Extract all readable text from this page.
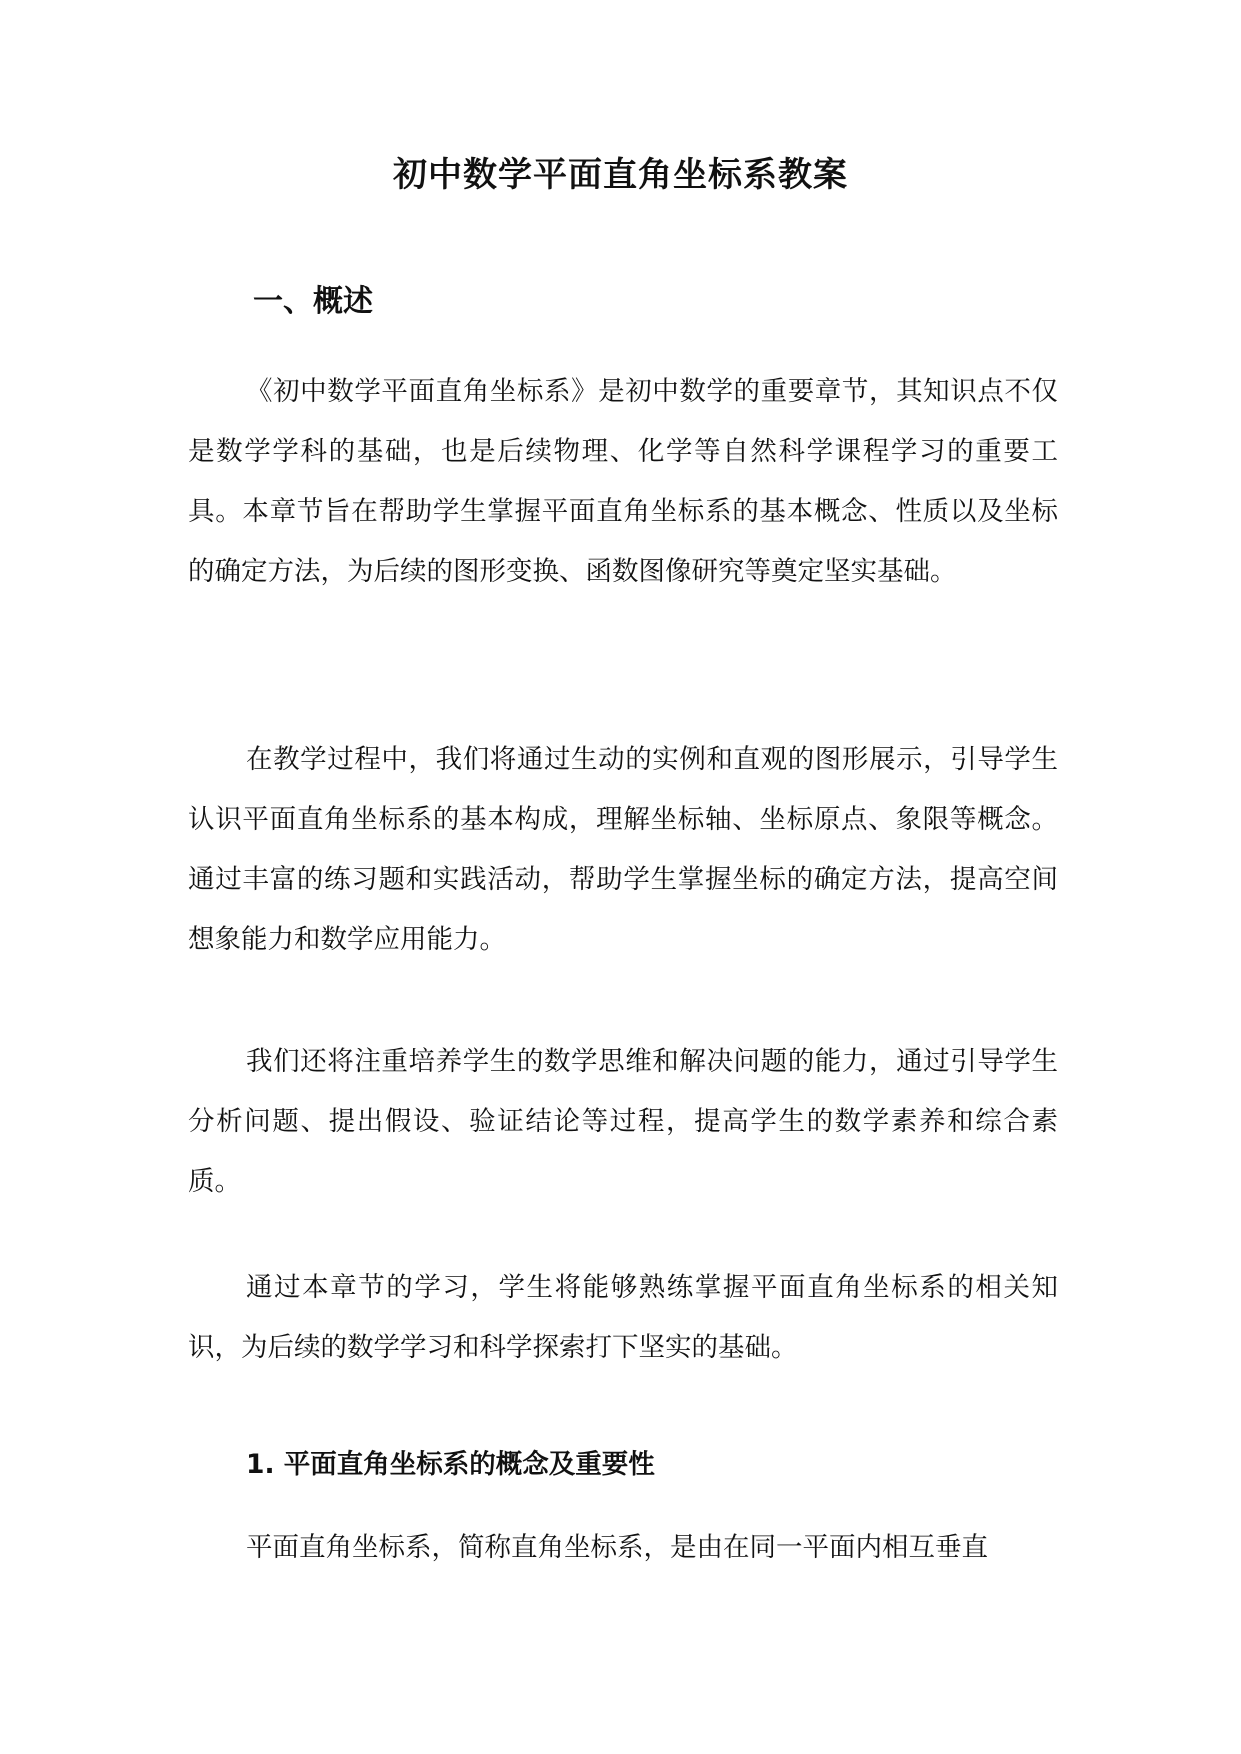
初中数学平面直角坐标系教案
一、概述

《初中数学平面直角坐标系》是初中数学的重要章节，其知识点不仅是数学学科的基础，也是后续物理、化学等自然科学课程学习的重要工具。本章节旨在帮助学生掌握平面直角坐标系的基本概念、性质以及坐标的确定方法，为后续的图形变换、函数图像研究等奠定坚实基础。

在教学过程中，我们将通过生动的实例和直观的图形展示，引导学生认识平面直角坐标系的基本构成，理解坐标轴、坐标原点、象限等概念。通过丰富的练习题和实践活动，帮助学生掌握坐标的确定方法，提高空间想象能力和数学应用能力。

我们还将注重培养学生的数学思维和解决问题的能力，通过引导学生分析问题、提出假设、验证结论等过程，提高学生的数学素养和综合素质。

通过本章节的学习，学生将能够熟练掌握平面直角坐标系的相关知识，为后续的数学学习和科学探索打下坚实的基础。

1. 平面直角坐标系的概念及重要性

平面直角坐标系，简称直角坐标系，是由在同一平面内相互垂直
